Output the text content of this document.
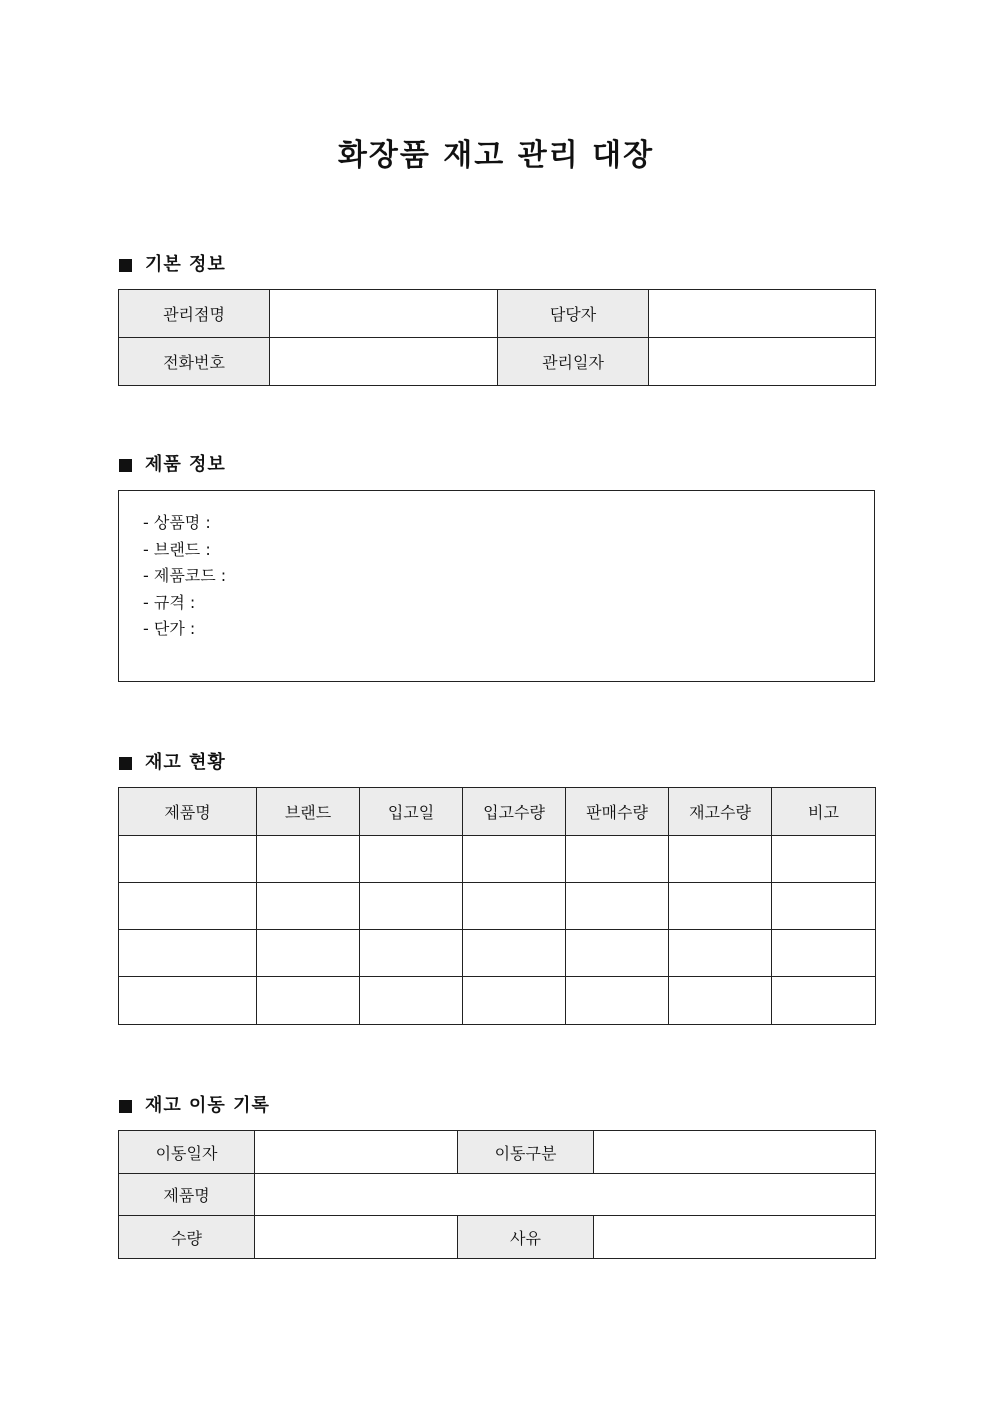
화장품 재고 관리 대장
기본 정보
관리점명		담당자	
전화번호		관리일자	
제품 정보
- 상품명 :
- 브랜드 :
- 제품코드 :
- 규격 :
- 단가 :
재고 현황
제품명	브랜드	입고일	입고수량	판매수량	재고수량	비고

재고 이동 기록
이동일자		이동구분	
제품명			
수량		사유	
